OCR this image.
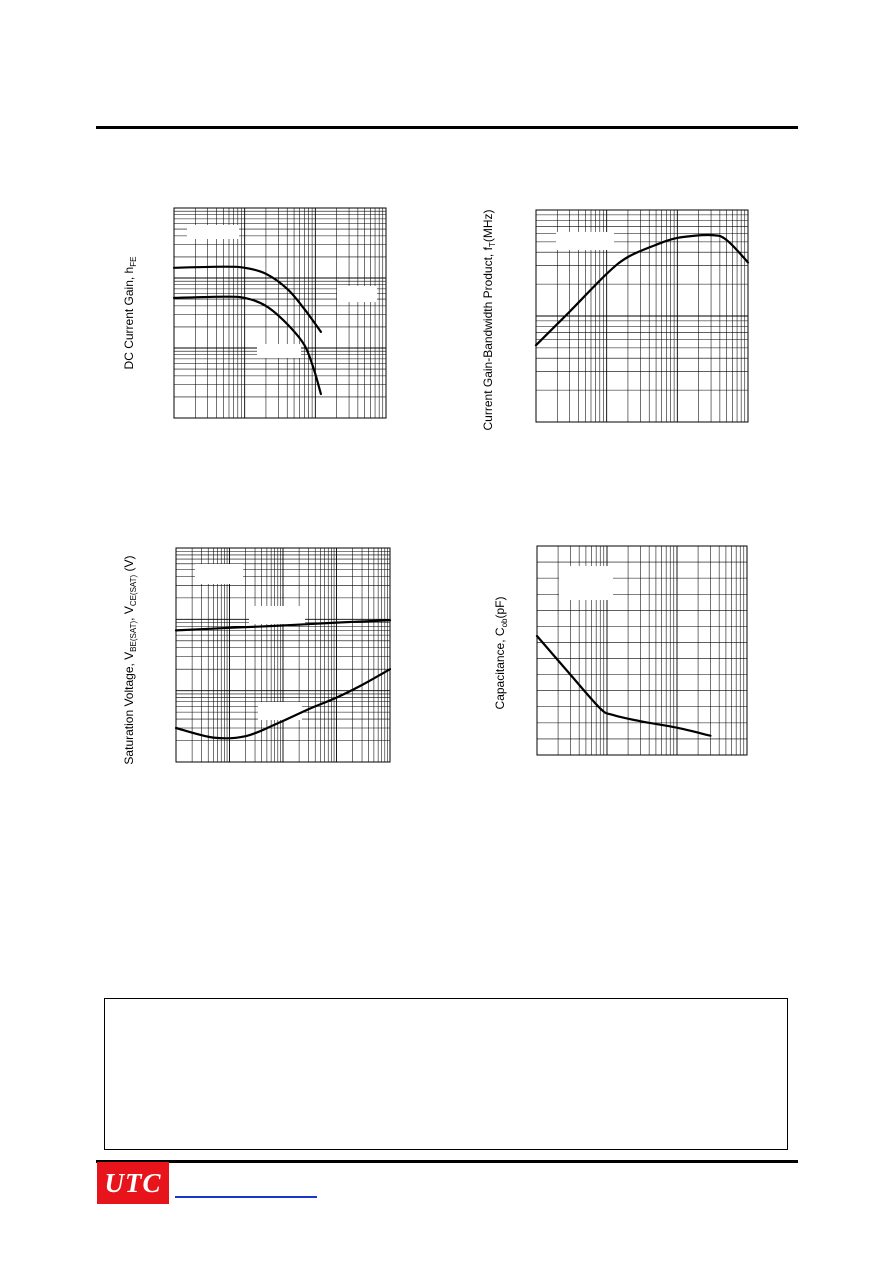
DC Current Gain, $h_{FE}$	Current Gain-Bandwidth Product, $f_T(MHz)$
Saturation Voltage, $V_{BE(SAT)}$, $V_{CE(SAT)}$ (V)
Capacitance, $C_{ob}(pF)$
UTC
